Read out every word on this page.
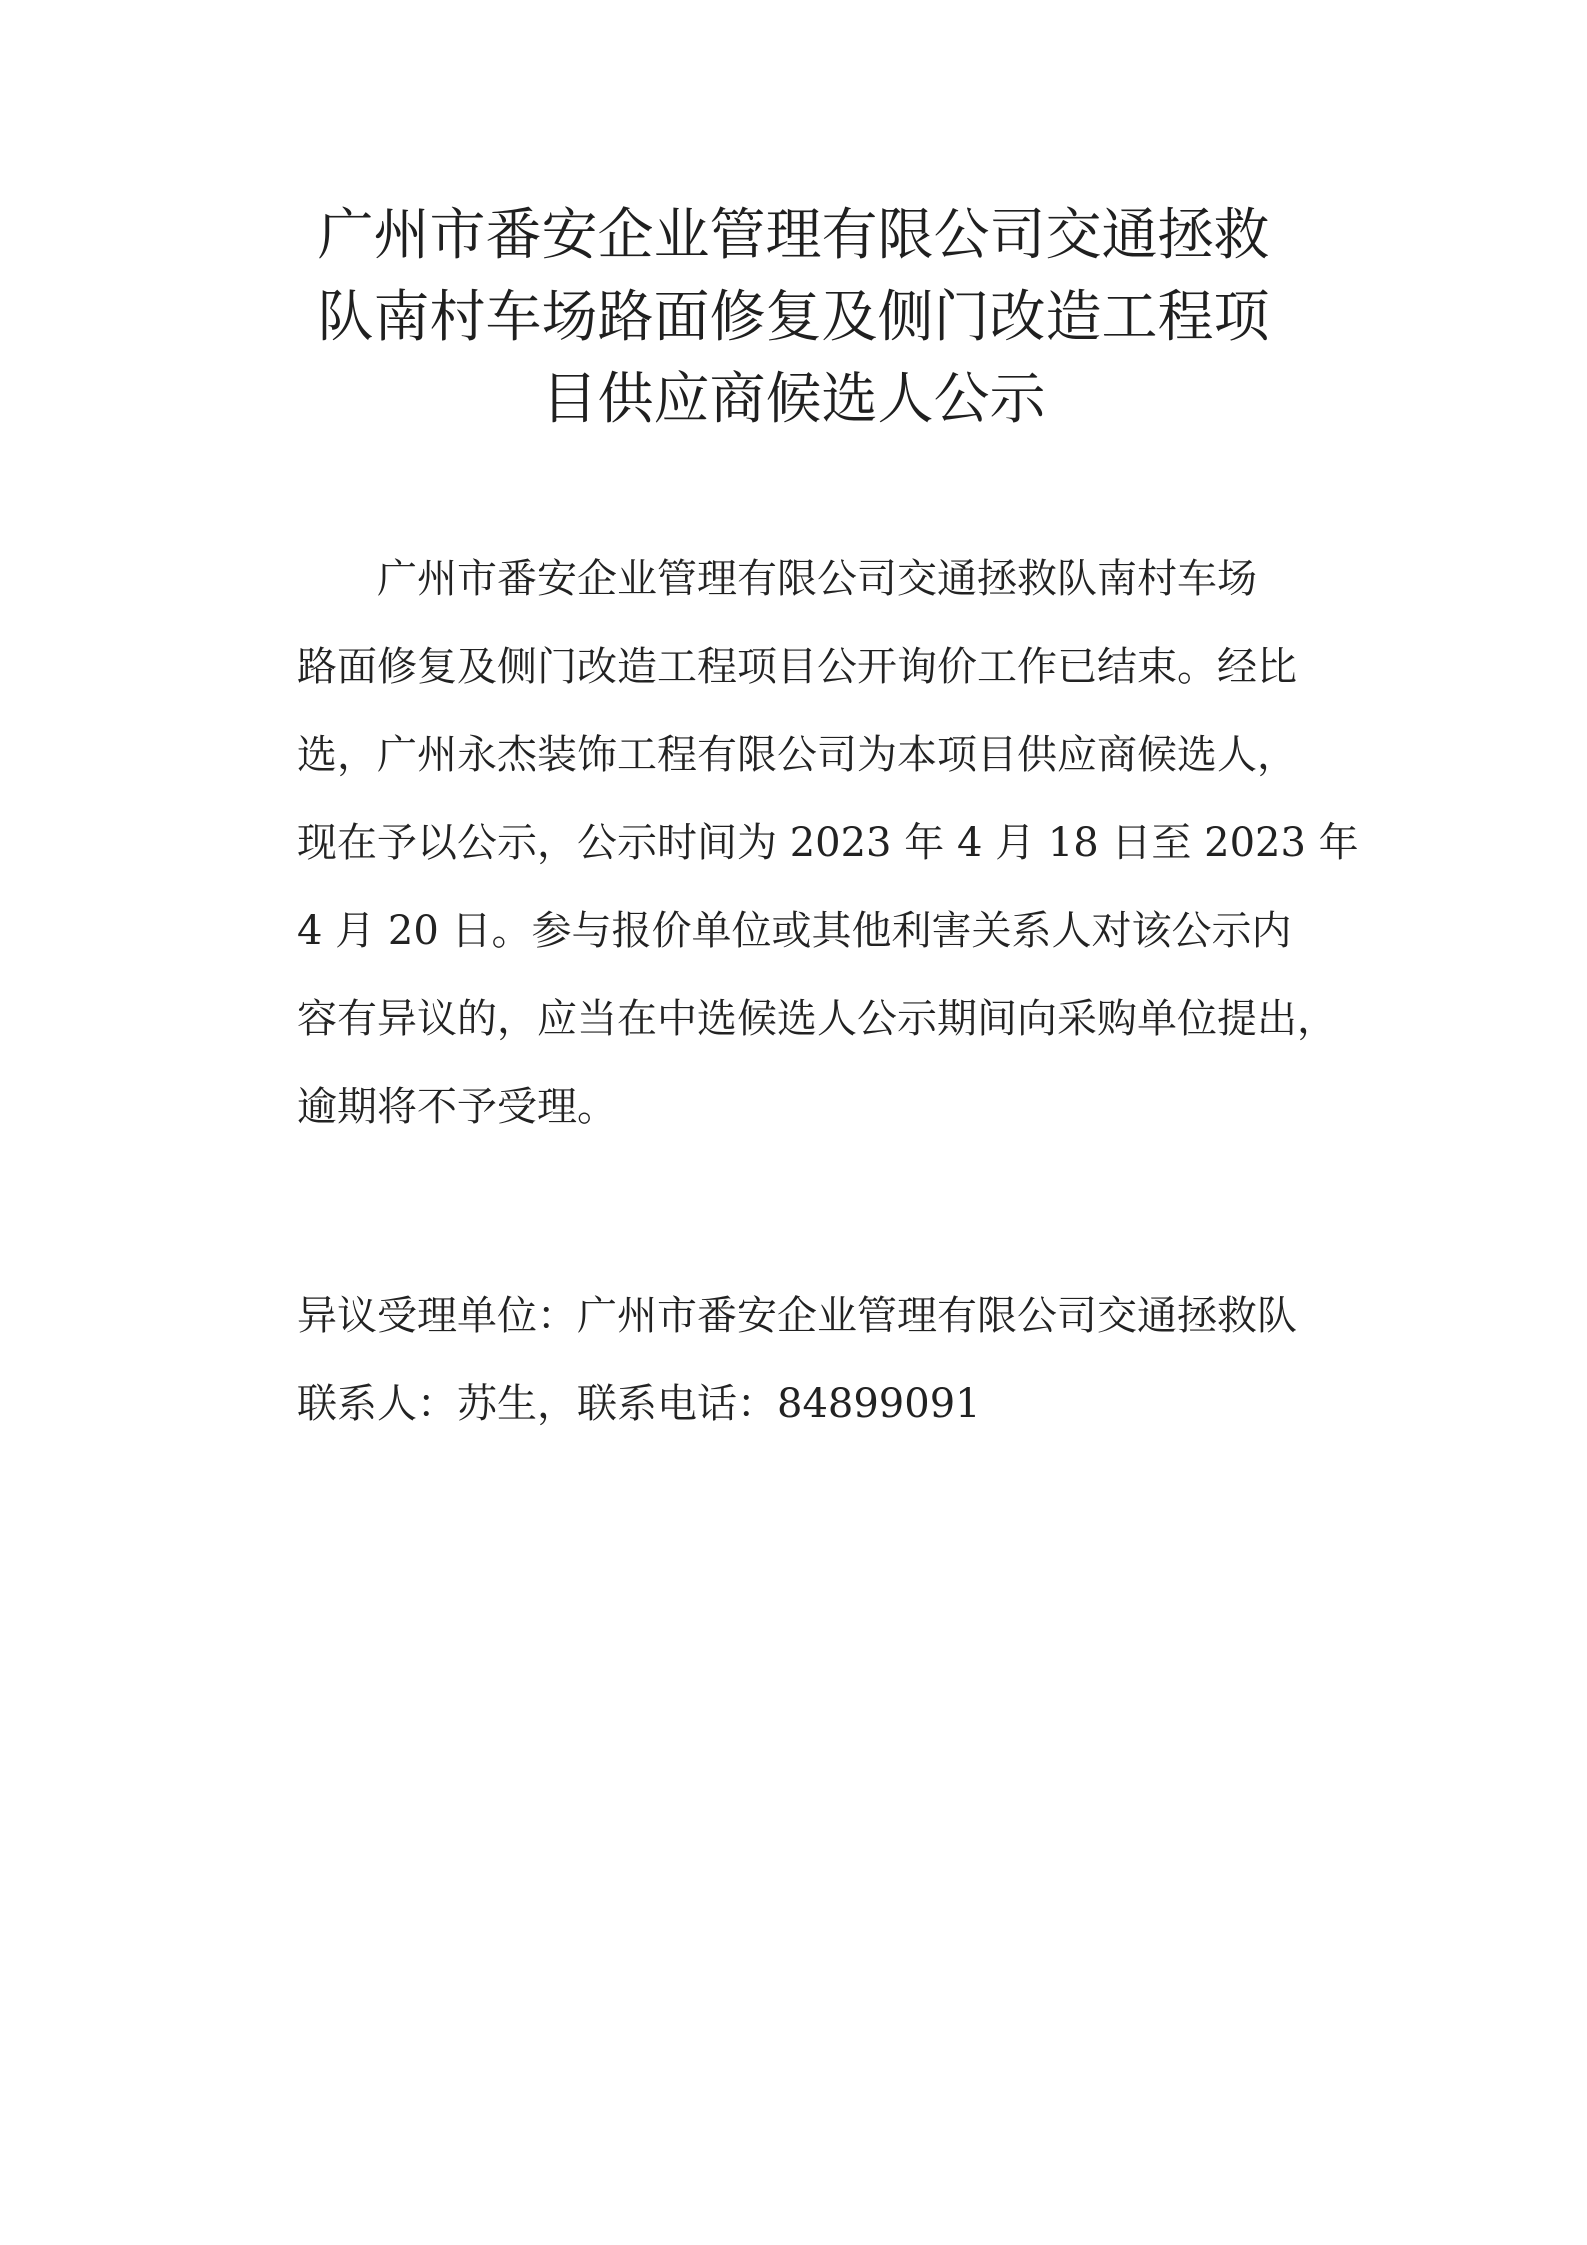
广州市番安企业管理有限公司交通拯救
队南村车场路面修复及侧门改造工程项
目供应商候选人公示
广州市番安企业管理有限公司交通拯救队南村车场
路面修复及侧门改造工程项目公开询价工作已结束。经比
选，广州永杰装饰工程有限公司为本项目供应商候选人，
现在予以公示，公示时间为 2023 年 4 月 18 日至 2023 年
4 月 20 日。参与报价单位或其他利害关系人对该公示内
容有异议的，应当在中选候选人公示期间向采购单位提出，
逾期将不予受理。
异议受理单位：广州市番安企业管理有限公司交通拯救队
联系人：苏生，联系电话：84899091
